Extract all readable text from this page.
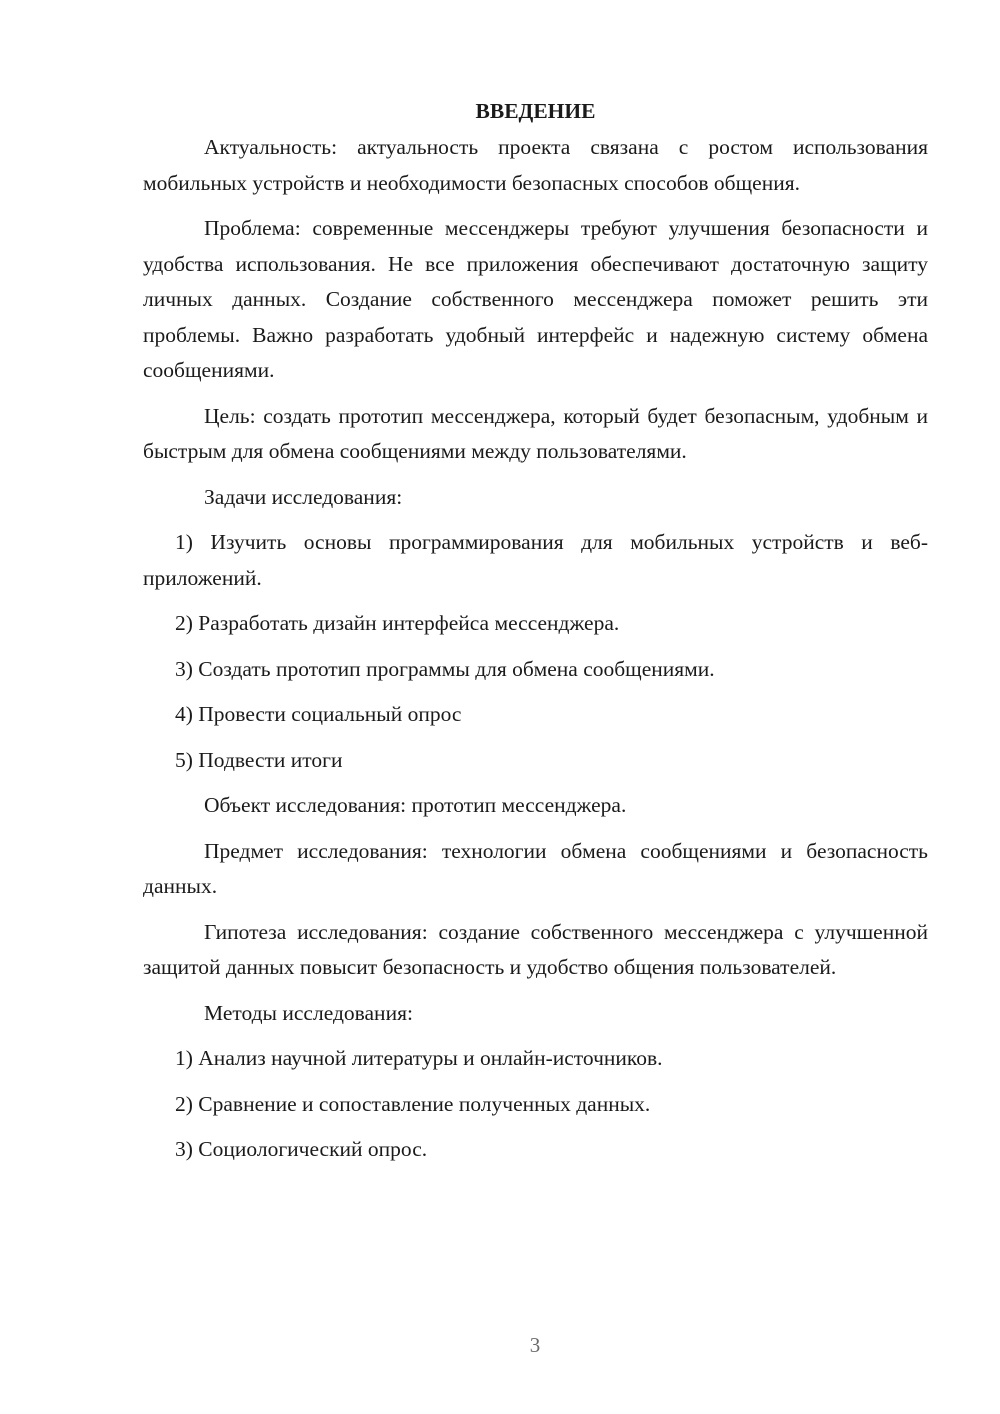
ВВЕДЕНИЕ

Актуальность: актуальность проекта связана с ростом использования мобильных устройств и необходимости безопасных способов общения.

Проблема: современные мессенджеры требуют улучшения безопасности и удобства использования. Не все приложения обеспечивают достаточную защиту личных данных. Создание собственного мессенджера поможет решить эти проблемы. Важно разработать удобный интерфейс и надежную систему обмена сообщениями.

Цель: создать прототип мессенджера, который будет безопасным, удобным и быстрым для обмена сообщениями между пользователями.

Задачи исследования:

1) Изучить основы программирования для мобильных устройств и веб-приложений.

2) Разработать дизайн интерфейса мессенджера.

3) Создать прототип программы для обмена сообщениями.

4) Провести социальный опрос

5) Подвести итоги

Объект исследования: прототип мессенджера.

Предмет исследования: технологии обмена сообщениями и безопасность данных.

Гипотеза исследования: создание собственного мессенджера с улучшенной защитой данных повысит безопасность и удобство общения пользователей.

Методы исследования:

1) Анализ научной литературы и онлайн-источников.

2) Сравнение и сопоставление полученных данных.

3) Социологический опрос.

3
